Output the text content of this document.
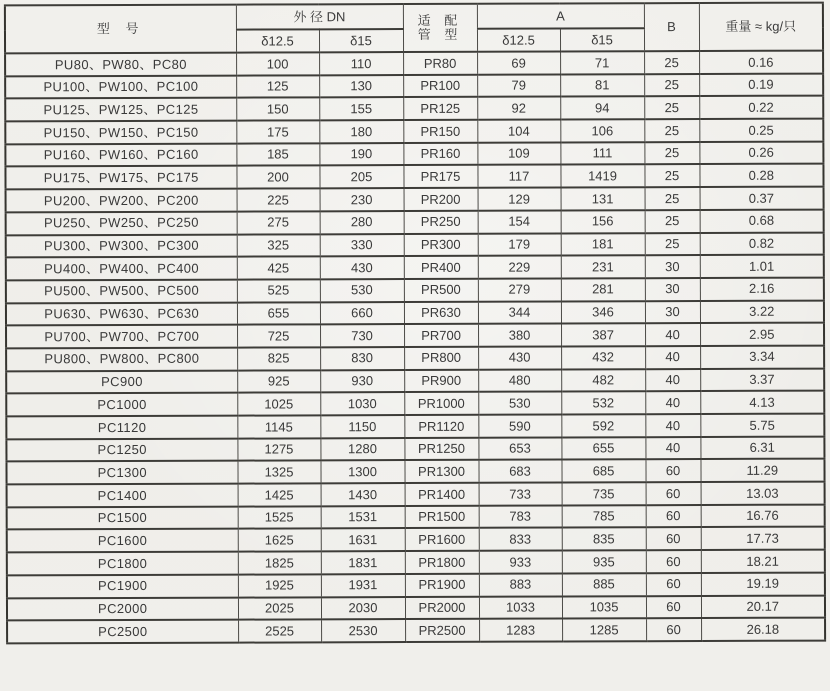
型 号	外 径 DN		适 配
管 型	A		B	重量 ≈ kg/只
	δ12.5	δ15		δ12.5	δ15		
PU80、PW80、PC80	100	110	PR80	69	71	25	0.16
PU100、PW100、PC100	125	130	PR100	79	81	25	0.19
PU125、PW125、PC125	150	155	PR125	92	94	25	0.22
PU150、PW150、PC150	175	180	PR150	104	106	25	0.25
PU160、PW160、PC160	185	190	PR160	109	111	25	0.26
PU175、PW175、PC175	200	205	PR175	117	1419	25	0.28
PU200、PW200、PC200	225	230	PR200	129	131	25	0.37
PU250、PW250、PC250	275	280	PR250	154	156	25	0.68
PU300、PW300、PC300	325	330	PR300	179	181	25	0.82
PU400、PW400、PC400	425	430	PR400	229	231	30	1.01
PU500、PW500、PC500	525	530	PR500	279	281	30	2.16
PU630、PW630、PC630	655	660	PR630	344	346	30	3.22
PU700、PW700、PC700	725	730	PR700	380	387	40	2.95
PU800、PW800、PC800	825	830	PR800	430	432	40	3.34
PC900	925	930	PR900	480	482	40	3.37
PC1000	1025	1030	PR1000	530	532	40	4.13
PC1120	1145	1150	PR1120	590	592	40	5.75
PC1250	1275	1280	PR1250	653	655	40	6.31
PC1300	1325	1300	PR1300	683	685	60	11.29
PC1400	1425	1430	PR1400	733	735	60	13.03
PC1500	1525	1531	PR1500	783	785	60	16.76
PC1600	1625	1631	PR1600	833	835	60	17.73
PC1800	1825	1831	PR1800	933	935	60	18.21
PC1900	1925	1931	PR1900	883	885	60	19.19
PC2000	2025	2030	PR2000	1033	1035	60	20.17
PC2500	2525	2530	PR2500	1283	1285	60	26.18
